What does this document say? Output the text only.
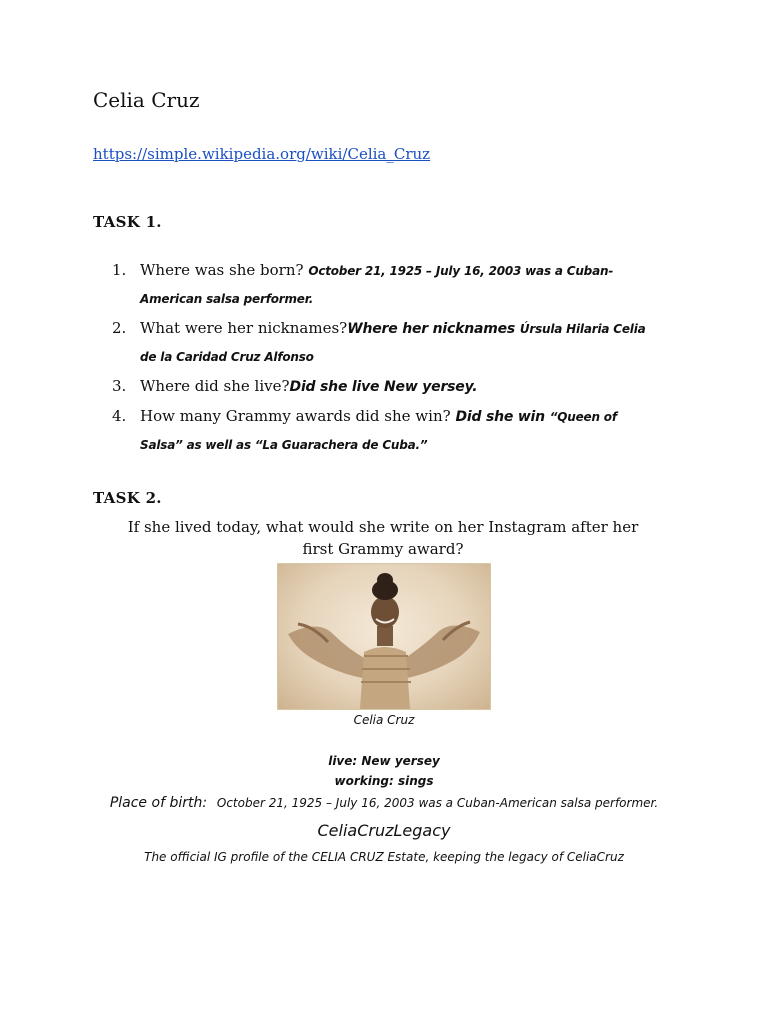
Celia Cruz
https://simple.wikipedia.org/wiki/Celia_Cruz
TASK 1.
1. Where was she born? October 21, 1925 – July 16, 2003 was a Cuban-American salsa performer.
2. What were her nicknames?Where her nicknames Úrsula Hilaria Celia de la Caridad Cruz Alfonso
3. Where did she live?Did she live New yersey.
4. How many Grammy awards did she win? Did she win “Queen of Salsa” as well as “La Guarachera de Cuba.”
TASK 2.
If she lived today, what would she write on her Instagram after her first Grammy award?
Celia Cruz
live: New yersey
working: sings
Place of birth: October 21, 1925 – July 16, 2003 was a Cuban-American salsa performer.
CeliaCruzLegacy
The official IG profile of the CELIA CRUZ Estate, keeping the legacy of CeliaCruz
